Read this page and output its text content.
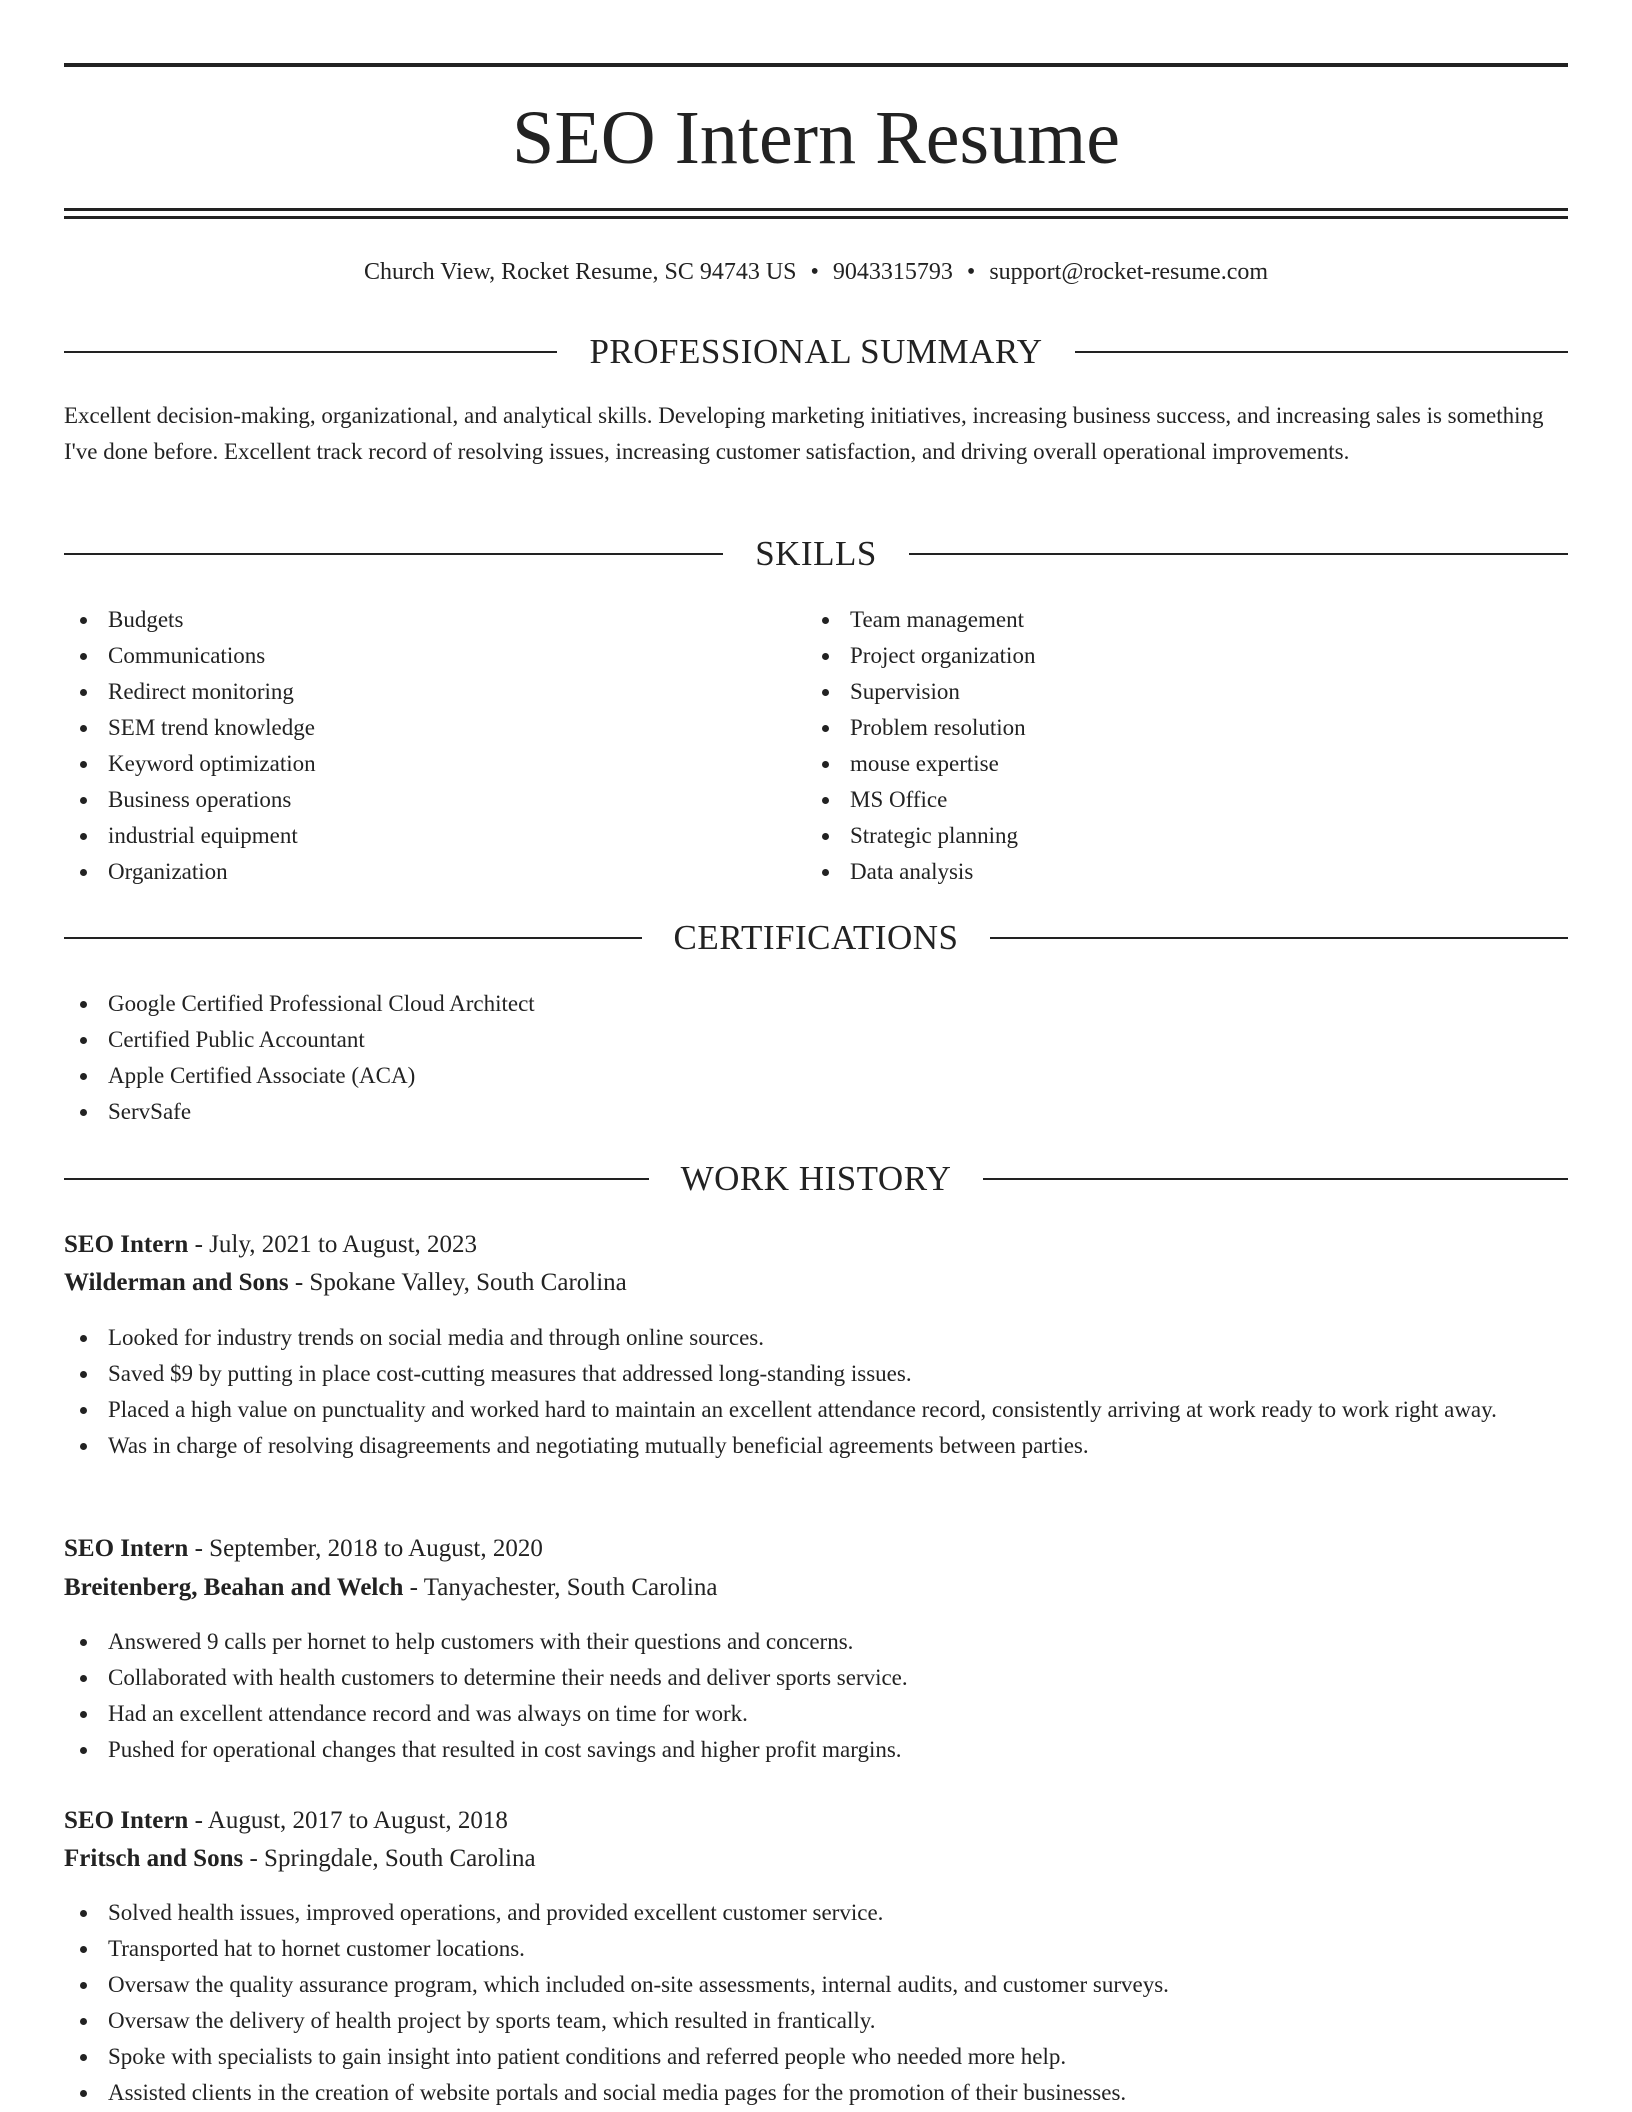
SEO Intern Resume
Church View, Rocket Resume, SC 94743 US • 9043315793 • support@rocket-resume.com
PROFESSIONAL SUMMARY

Excellent decision-making, organizational, and analytical skills. Developing marketing initiatives, increasing business success, and increasing sales is something I've done before. Excellent track record of resolving issues, increasing customer satisfaction, and driving overall operational improvements.

SKILLS
Budgets
Communications
Redirect monitoring
SEM trend knowledge
Keyword optimization
Business operations
industrial equipment
Organization
Team management
Project organization
Supervision
Problem resolution
mouse expertise
MS Office
Strategic planning
Data analysis
CERTIFICATIONS
Google Certified Professional Cloud Architect
Certified Public Accountant
Apple Certified Associate (ACA)
ServSafe
WORK HISTORY
SEO Intern - July, 2021 to August, 2023
Wilderman and Sons - Spokane Valley, South Carolina
Looked for industry trends on social media and through online sources.
Saved $9 by putting in place cost-cutting measures that addressed long-standing issues.
Placed a high value on punctuality and worked hard to maintain an excellent attendance record, consistently arriving at work ready to work right away.
Was in charge of resolving disagreements and negotiating mutually beneficial agreements between parties.
SEO Intern - September, 2018 to August, 2020
Breitenberg, Beahan and Welch - Tanyachester, South Carolina
Answered 9 calls per hornet to help customers with their questions and concerns.
Collaborated with health customers to determine their needs and deliver sports service.
Had an excellent attendance record and was always on time for work.
Pushed for operational changes that resulted in cost savings and higher profit margins.
SEO Intern - August, 2017 to August, 2018
Fritsch and Sons - Springdale, South Carolina
Solved health issues, improved operations, and provided excellent customer service.
Transported hat to hornet customer locations.
Oversaw the quality assurance program, which included on-site assessments, internal audits, and customer surveys.
Oversaw the delivery of health project by sports team, which resulted in frantically.
Spoke with specialists to gain insight into patient conditions and referred people who needed more help.
Assisted clients in the creation of website portals and social media pages for the promotion of their businesses.
